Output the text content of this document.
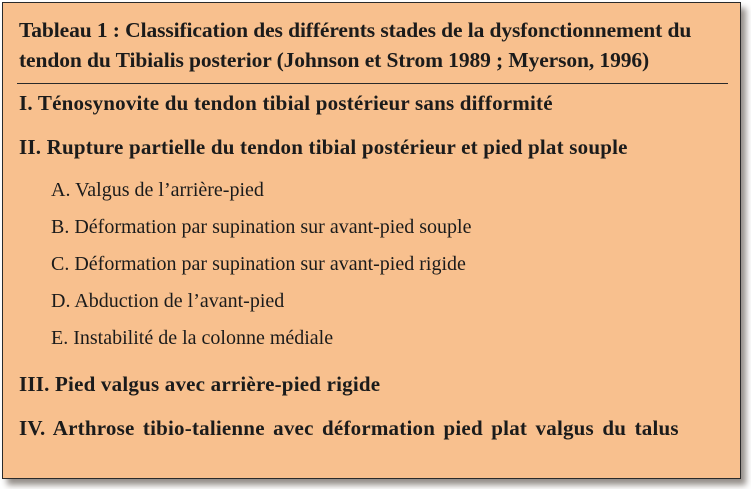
Tableau 1 : Classification des différents stades de la dysfonctionnement du tendon du Tibialis posterior (Johnson et Strom 1989 ; Myerson, 1996)

I. Ténosynovite du tendon tibial postérieur sans difformité

II. Rupture partielle du tendon tibial postérieur et pied plat souple

A. Valgus de l’arrière-pied

B. Déformation par supination sur avant-pied souple

C. Déformation par supination sur avant-pied rigide

D. Abduction de l’avant-pied

E. Instabilité de la colonne médiale

III. Pied valgus avec arrière-pied rigide

IV. Arthrose tibio-talienne avec déformation pied plat valgus du talus
